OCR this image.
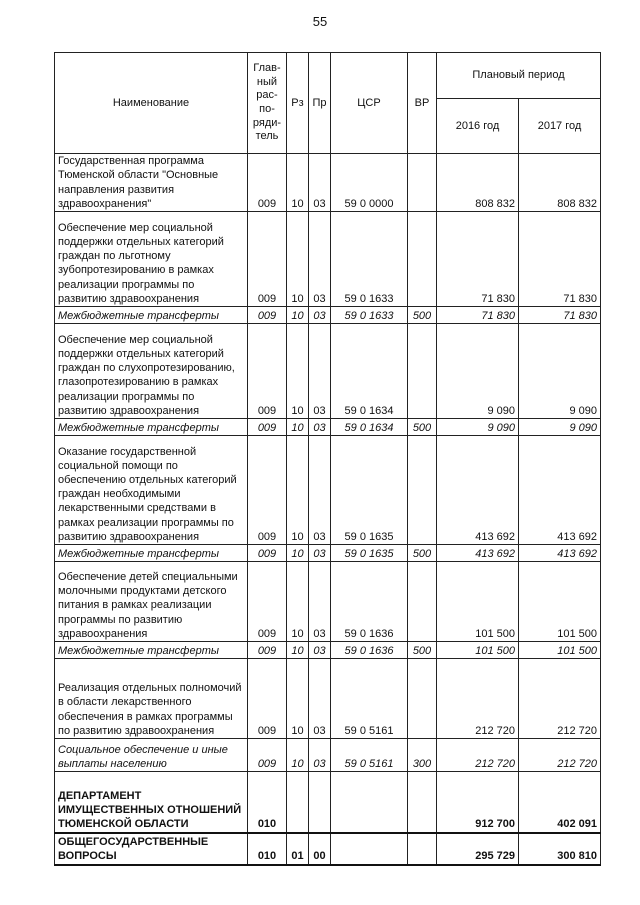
55
Наименование	Глав-ный рас-по-ряди-тель	Рз	Пр	ЦСР	ВР	Плановый период	
						2016 год	2017 год
Государственная программа Тюменской области "Основные направления развития здравоохранения"	009	10	03	59 0 0000		808 832	808 832
Обеспечение мер социальной поддержки отдельных категорий граждан по льготному зубопротезированию в рамках реализации программы по развитию здравоохранения	009	10	03	59 0 1633		71 830	71 830
Межбюджетные трансферты	009	10	03	59 0 1633	500	71 830	71 830
Обеспечение мер социальной поддержки отдельных категорий граждан по слухопротезированию, глазопротезированию в рамках реализации программы по развитию здравоохранения	009	10	03	59 0 1634		9 090	9 090
Межбюджетные трансферты	009	10	03	59 0 1634	500	9 090	9 090
Оказание государственной социальной помощи по обеспечению отдельных категорий граждан необходимыми лекарственными средствами в рамках реализации программы по развитию здравоохранения	009	10	03	59 0 1635		413 692	413 692
Межбюджетные трансферты	009	10	03	59 0 1635	500	413 692	413 692
Обеспечение детей специальными молочными продуктами детского питания в рамках реализации программы по развитию здравоохранения	009	10	03	59 0 1636		101 500	101 500
Межбюджетные трансферты	009	10	03	59 0 1636	500	101 500	101 500
Реализация отдельных полномочий в области лекарственного обеспечения в рамках программы по развитию здравоохранения	009	10	03	59 0 5161		212 720	212 720
Социальное обеспечение и иные выплаты населению	009	10	03	59 0 5161	300	212 720	212 720
ДЕПАРТАМЕНТ ИМУЩЕСТВЕННЫХ ОТНОШЕНИЙ ТЮМЕНСКОЙ ОБЛАСТИ	010					912 700	402 091
ОБЩЕГОСУДАРСТВЕННЫЕ ВОПРОСЫ	010	01	00			295 729	300 810
